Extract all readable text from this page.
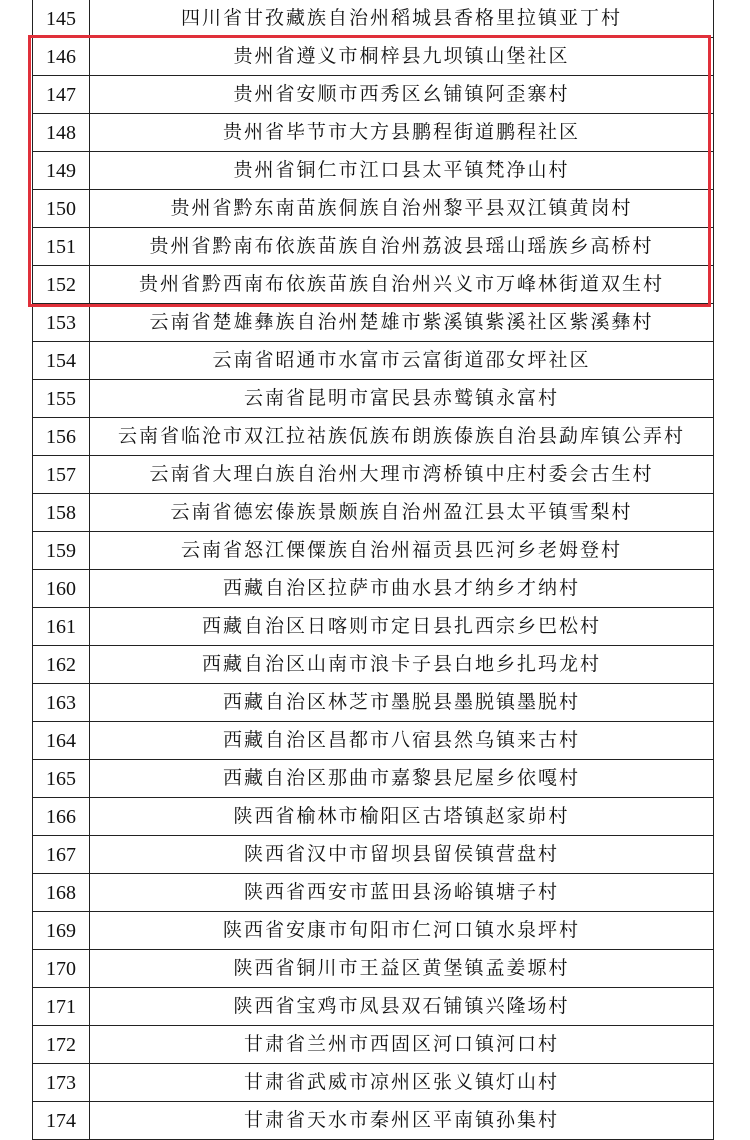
145	四川省甘孜藏族自治州稻城县香格里拉镇亚丁村
146	贵州省遵义市桐梓县九坝镇山堡社区
147	贵州省安顺市西秀区幺铺镇阿歪寨村
148	贵州省毕节市大方县鹏程街道鹏程社区
149	贵州省铜仁市江口县太平镇梵净山村
150	贵州省黔东南苗族侗族自治州黎平县双江镇黄岗村
151	贵州省黔南布依族苗族自治州荔波县瑶山瑶族乡高桥村
152	贵州省黔西南布依族苗族自治州兴义市万峰林街道双生村
153	云南省楚雄彝族自治州楚雄市紫溪镇紫溪社区紫溪彝村
154	云南省昭通市水富市云富街道邵女坪社区
155	云南省昆明市富民县赤鹫镇永富村
156	云南省临沧市双江拉祜族佤族布朗族傣族自治县勐库镇公弄村
157	云南省大理白族自治州大理市湾桥镇中庄村委会古生村
158	云南省德宏傣族景颇族自治州盈江县太平镇雪梨村
159	云南省怒江傈僳族自治州福贡县匹河乡老姆登村
160	西藏自治区拉萨市曲水县才纳乡才纳村
161	西藏自治区日喀则市定日县扎西宗乡巴松村
162	西藏自治区山南市浪卡子县白地乡扎玛龙村
163	西藏自治区林芝市墨脱县墨脱镇墨脱村
164	西藏自治区昌都市八宿县然乌镇来古村
165	西藏自治区那曲市嘉黎县尼屋乡依嘎村
166	陕西省榆林市榆阳区古塔镇赵家峁村
167	陕西省汉中市留坝县留侯镇营盘村
168	陕西省西安市蓝田县汤峪镇塘子村
169	陕西省安康市旬阳市仁河口镇水泉坪村
170	陕西省铜川市王益区黄堡镇孟姜塬村
171	陕西省宝鸡市凤县双石铺镇兴隆场村
172	甘肃省兰州市西固区河口镇河口村
173	甘肃省武威市凉州区张义镇灯山村
174	甘肃省天水市秦州区平南镇孙集村
